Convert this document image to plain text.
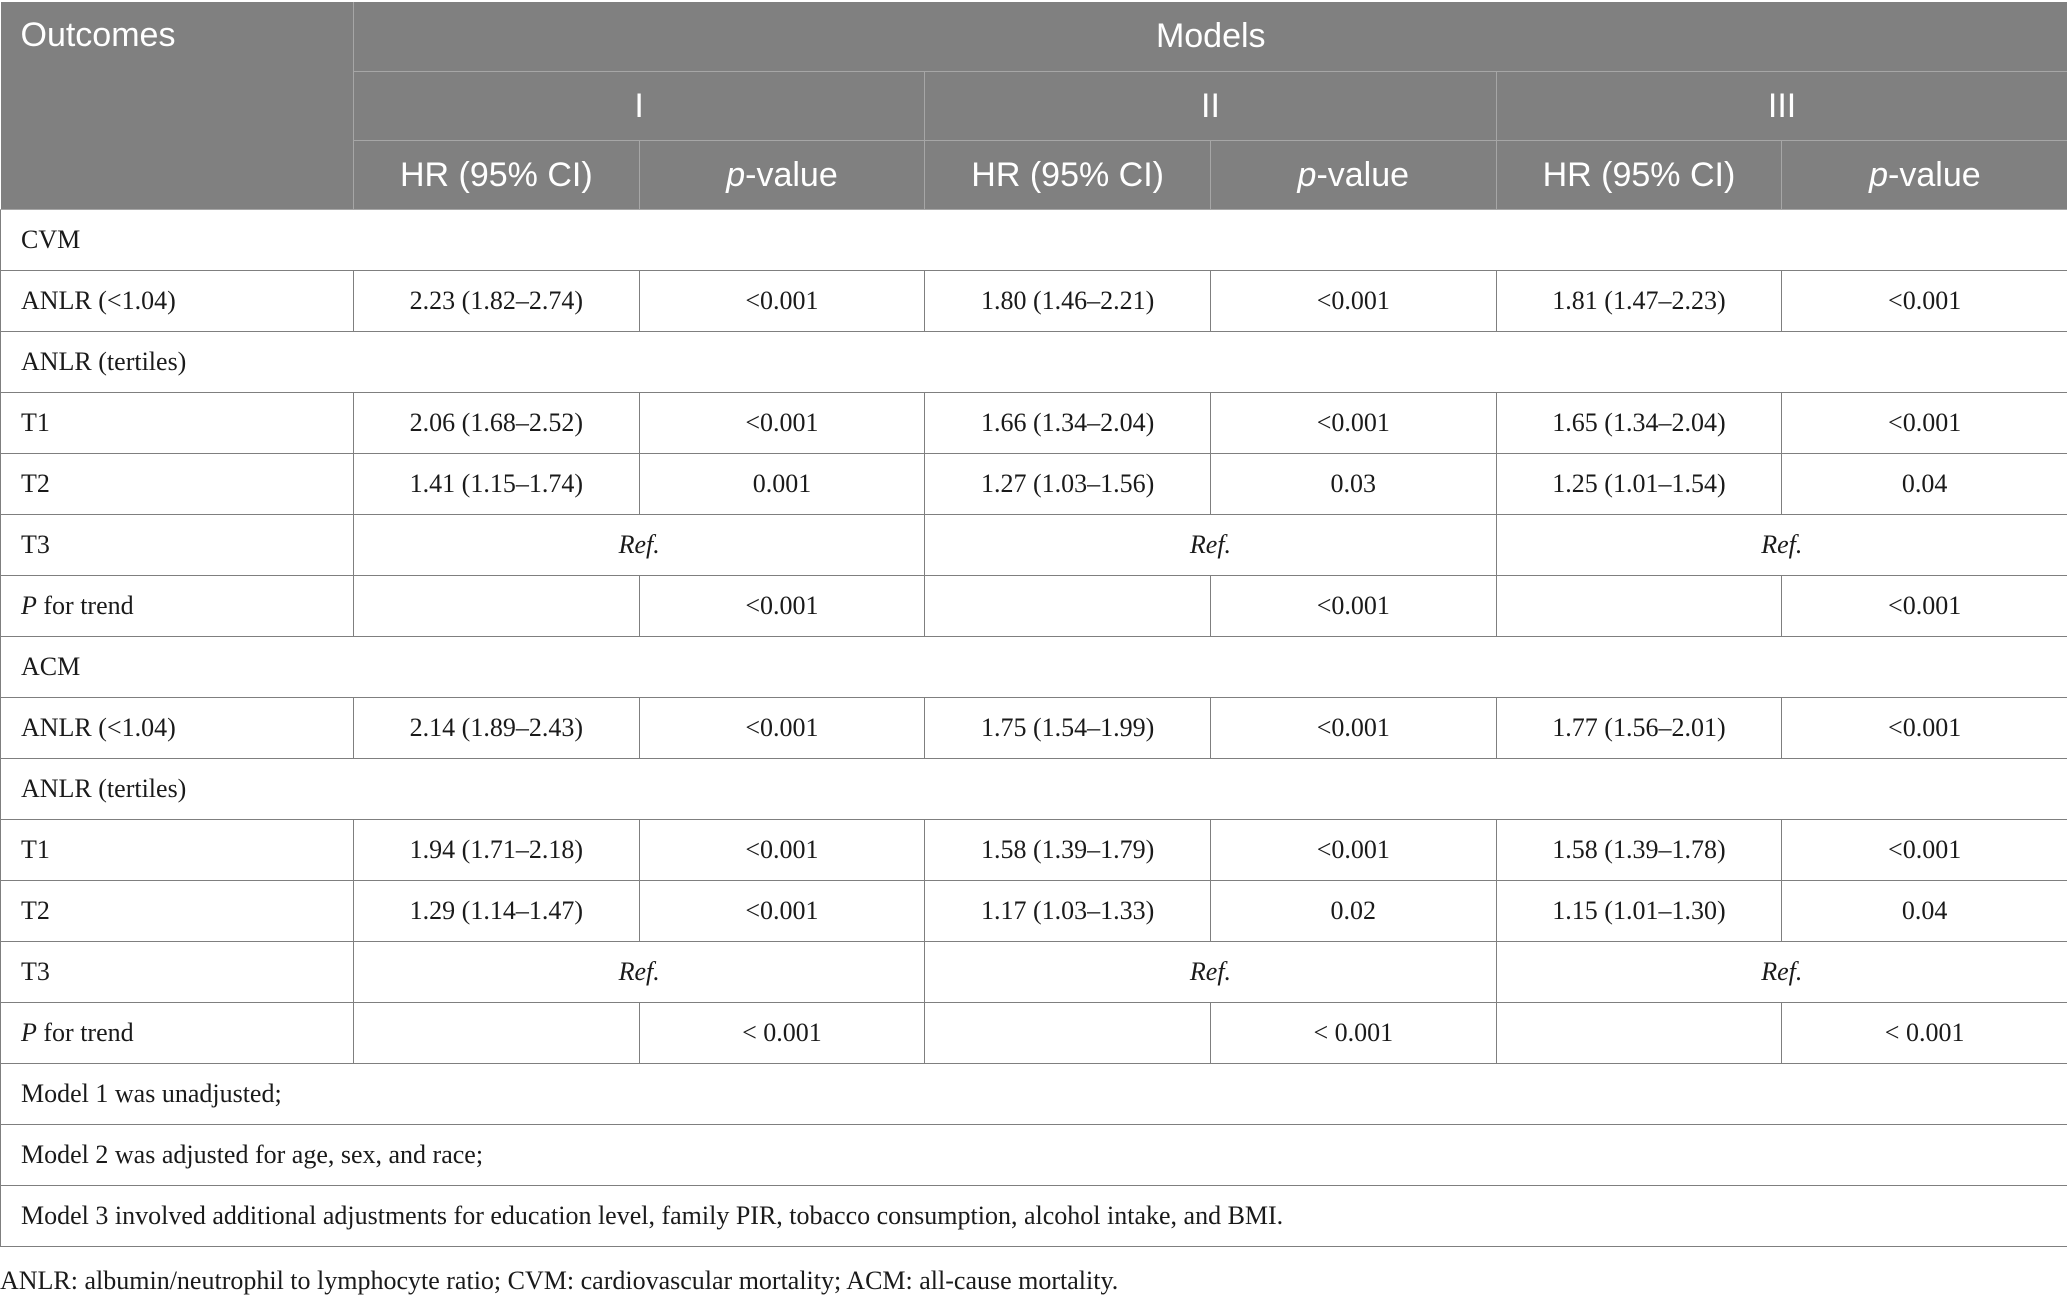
Outcomes	Models					
	I		II		III	
	HR (95% CI)	p-value	HR (95% CI)	p-value	HR (95% CI)	p-value
CVM						
ANLR (<1.04)	2.23 (1.82–2.74)	<0.001	1.80 (1.46–2.21)	<0.001	1.81 (1.47–2.23)	<0.001
ANLR (tertiles)						
T1	2.06 (1.68–2.52)	<0.001	1.66 (1.34–2.04)	<0.001	1.65 (1.34–2.04)	<0.001
T2	1.41 (1.15–1.74)	0.001	1.27 (1.03–1.56)	0.03	1.25 (1.01–1.54)	0.04
T3	Ref.		Ref.		Ref.	
P for trend		<0.001		<0.001		<0.001
ACM						
ANLR (<1.04)	2.14 (1.89–2.43)	<0.001	1.75 (1.54–1.99)	<0.001	1.77 (1.56–2.01)	<0.001
ANLR (tertiles)						
T1	1.94 (1.71–2.18)	<0.001	1.58 (1.39–1.79)	<0.001	1.58 (1.39–1.78)	<0.001
T2	1.29 (1.14–1.47)	<0.001	1.17 (1.03–1.33)	0.02	1.15 (1.01–1.30)	0.04
T3	Ref.		Ref.		Ref.	
P for trend		< 0.001		< 0.001		< 0.001
Model 1 was unadjusted;						
Model 2 was adjusted for age, sex, and race;						
Model 3 involved additional adjustments for education level, family PIR, tobacco consumption, alcohol intake, and BMI.						
ANLR: albumin/neutrophil to lymphocyte ratio; CVM: cardiovascular mortality; ACM: all-cause mortality.
